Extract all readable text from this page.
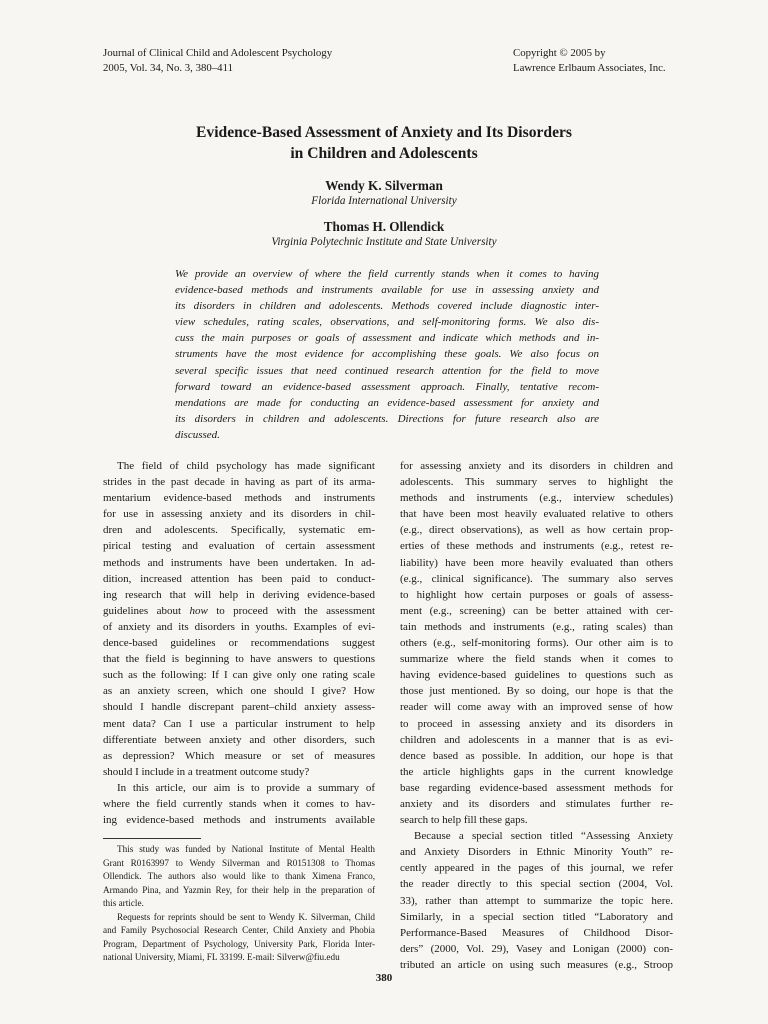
Journal of Clinical Child and Adolescent Psychology
2005, Vol. 34, No. 3, 380–411
Copyright © 2005 by
Lawrence Erlbaum Associates, Inc.
Evidence-Based Assessment of Anxiety and Its Disorders
in Children and Adolescents
Wendy K. Silverman
Florida International University
Thomas H. Ollendick
Virginia Polytechnic Institute and State University
We provide an overview of where the field currently stands when it comes to having
evidence-based methods and instruments available for use in assessing anxiety and
its disorders in children and adolescents. Methods covered include diagnostic inter-
view schedules, rating scales, observations, and self-monitoring forms. We also dis-
cuss the main purposes or goals of assessment and indicate which methods and in-
struments have the most evidence for accomplishing these goals. We also focus on
several specific issues that need continued research attention for the field to move
forward toward an evidence-based assessment approach. Finally, tentative recom-
mendations are made for conducting an evidence-based assessment for anxiety and
its disorders in children and adolescents. Directions for future research also are
discussed.
The field of child psychology has made significant
strides in the past decade in having as part of its arma-
mentarium evidence-based methods and instruments
for use in assessing anxiety and its disorders in chil-
dren and adolescents. Specifically, systematic em-
pirical testing and evaluation of certain assessment
methods and instruments have been undertaken. In ad-
dition, increased attention has been paid to conduct-
ing research that will help in deriving evidence-based
guidelines about how to proceed with the assessment
of anxiety and its disorders in youths. Examples of evi-
dence-based guidelines or recommendations suggest
that the field is beginning to have answers to questions
such as the following: If I can give only one rating scale
as an anxiety screen, which one should I give? How
should I handle discrepant parent–child anxiety assess-
ment data? Can I use a particular instrument to help
differentiate between anxiety and other disorders, such
as depression? Which measure or set of measures
should I include in a treatment outcome study?
In this article, our aim is to provide a summary of
where the field currently stands when it comes to hav-
ing evidence-based methods and instruments available
for assessing anxiety and its disorders in children and
adolescents. This summary serves to highlight the
methods and instruments (e.g., interview schedules)
that have been most heavily evaluated relative to others
(e.g., direct observations), as well as how certain prop-
erties of these methods and instruments (e.g., retest re-
liability) have been more heavily evaluated than others
(e.g., clinical significance). The summary also serves
to highlight how certain purposes or goals of assess-
ment (e.g., screening) can be better attained with cer-
tain methods and instruments (e.g., rating scales) than
others (e.g., self-monitoring forms). Our other aim is to
summarize where the field stands when it comes to
having evidence-based guidelines to questions such as
those just mentioned. By so doing, our hope is that the
reader will come away with an improved sense of how
to proceed in assessing anxiety and its disorders in
children and adolescents in a manner that is as evi-
dence based as possible. In addition, our hope is that
the article highlights gaps in the current knowledge
base regarding evidence-based assessment methods for
anxiety and its disorders and stimulates further re-
search to help fill these gaps.
Because a special section titled “Assessing Anxiety
and Anxiety Disorders in Ethnic Minority Youth” re-
cently appeared in the pages of this journal, we refer
the reader directly to this special section (2004, Vol.
33), rather than attempt to summarize the topic here.
Similarly, in a special section titled “Laboratory and
Performance-Based Measures of Childhood Disor-
ders” (2000, Vol. 29), Vasey and Lonigan (2000) con-
tributed an article on using such measures (e.g., Stroop
This study was funded by National Institute of Mental Health
Grant R0163997 to Wendy Silverman and R0151308 to Thomas
Ollendick. The authors also would like to thank Ximena Franco,
Armando Pina, and Yazmin Rey, for their help in the preparation of
this article.
Requests for reprints should be sent to Wendy K. Silverman, Child
and Family Psychosocial Research Center, Child Anxiety and Phobia
Program, Department of Psychology, University Park, Florida Inter-
national University, Miami, FL 33199. E-mail: Silverw@fiu.edu
380
